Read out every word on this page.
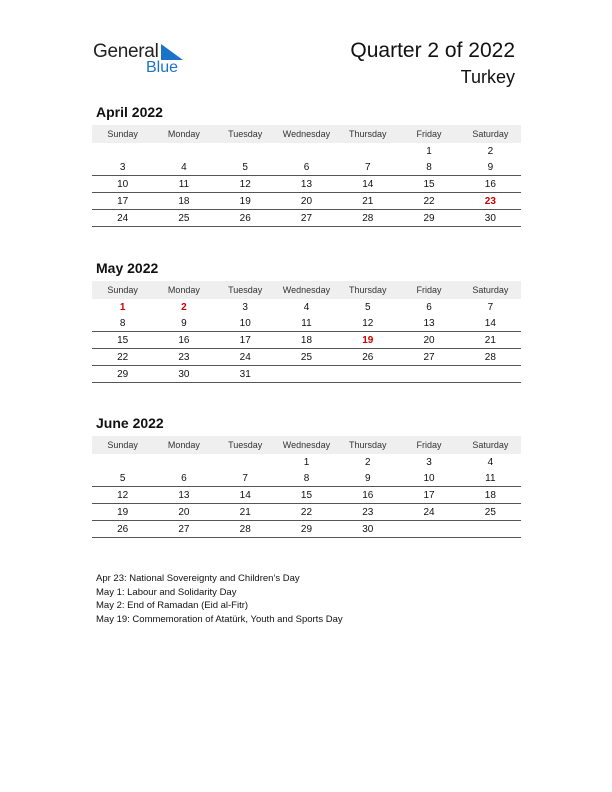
General
Blue
Quarter 2 of 2022
Turkey
April 2022
Sunday	Monday	Tuesday	Wednesday	Thursday	Friday	Saturday
					1	2
3	4	5	6	7	8	9
10	11	12	13	14	15	16
17	18	19	20	21	22	23
24	25	26	27	28	29	30
May 2022
Sunday	Monday	Tuesday	Wednesday	Thursday	Friday	Saturday
1	2	3	4	5	6	7
8	9	10	11	12	13	14
15	16	17	18	19	20	21
22	23	24	25	26	27	28
29	30	31				
June 2022
Sunday	Monday	Tuesday	Wednesday	Thursday	Friday	Saturday
			1	2	3	4
5	6	7	8	9	10	11
12	13	14	15	16	17	18
19	20	21	22	23	24	25
26	27	28	29	30		
Apr 23: National Sovereignty and Children’s Day
May 1: Labour and Solidarity Day
May 2: End of Ramadan (Eid al-Fitr)
May 19: Commemoration of Atatürk, Youth and Sports Day
